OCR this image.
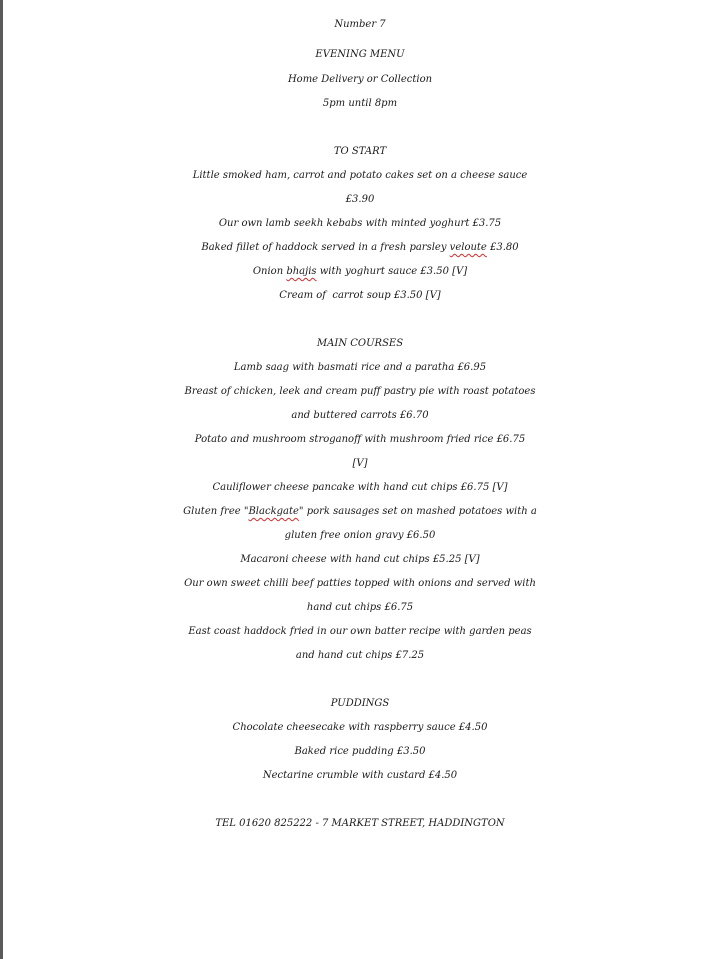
Number 7

EVENING MENU

Home Delivery or Collection

5pm until 8pm

TO START

Little smoked ham, carrot and potato cakes set on a cheese sauce

£3.90

Our own lamb seekh kebabs with minted yoghurt £3.75

Baked fillet of haddock served in a fresh parsley veloute £3.80

Onion bhajis with yoghurt sauce £3.50 [V]

Cream of  carrot soup £3.50 [V]

MAIN COURSES

Lamb saag with basmati rice and a paratha £6.95

Breast of chicken, leek and cream puff pastry pie with roast potatoes

and buttered carrots £6.70

Potato and mushroom stroganoff with mushroom fried rice £6.75

[V]

Cauliflower cheese pancake with hand cut chips £6.75 [V]

Gluten free "Blackgate" pork sausages set on mashed potatoes with a

gluten free onion gravy £6.50

Macaroni cheese with hand cut chips £5.25 [V]

Our own sweet chilli beef patties topped with onions and served with

hand cut chips £6.75

East coast haddock fried in our own batter recipe with garden peas

and hand cut chips £7.25

PUDDINGS

Chocolate cheesecake with raspberry sauce £4.50

Baked rice pudding £3.50

Nectarine crumble with custard £4.50

TEL 01620 825222 - 7 MARKET STREET, HADDINGTON
